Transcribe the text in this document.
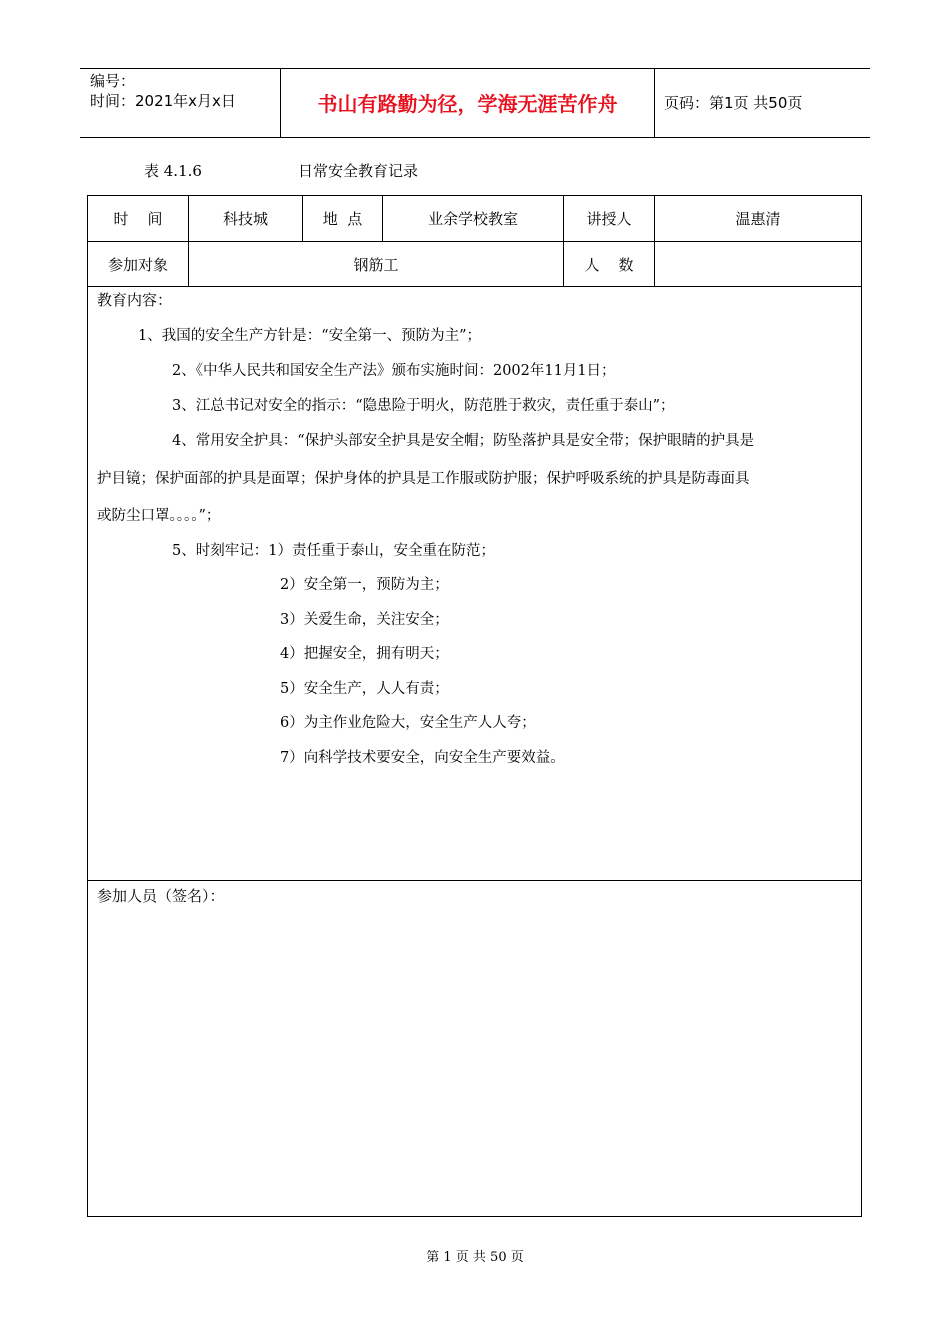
编号：
时间：2021年x月x日	书山有路勤为径，学海无涯苦作舟	页码：第1页 共50页
表 4.1.6	日常安全教育记录
时    间	科技城	地  点	业余学校教室	讲授人	温惠清
参加对象	钢筋工	人    数
教育内容：
1、我国的安全生产方针是：“安全第一、预防为主”；
2、《中华人民共和国安全生产法》颁布实施时间：2002年11月1日；
3、江总书记对安全的指示：“隐患险于明火，防范胜于救灾，责任重于泰山”；
4、常用安全护具：“保护头部安全护具是安全帽；防坠落护具是安全带；保护眼睛的护具是
护目镜；保护面部的护具是面罩；保护身体的护具是工作服或防护服；保护呼吸系统的护具是防毒面具
或防尘口罩。。。。”；
5、时刻牢记：1）责任重于泰山，安全重在防范；
2）安全第一，预防为主；
3）关爱生命，关注安全；
4）把握安全，拥有明天；
5）安全生产，人人有责；
6）为主作业危险大，安全生产人人夸；
7）向科学技术要安全，向安全生产要效益。
参加人员（签名）：
第 1 页 共 50 页
